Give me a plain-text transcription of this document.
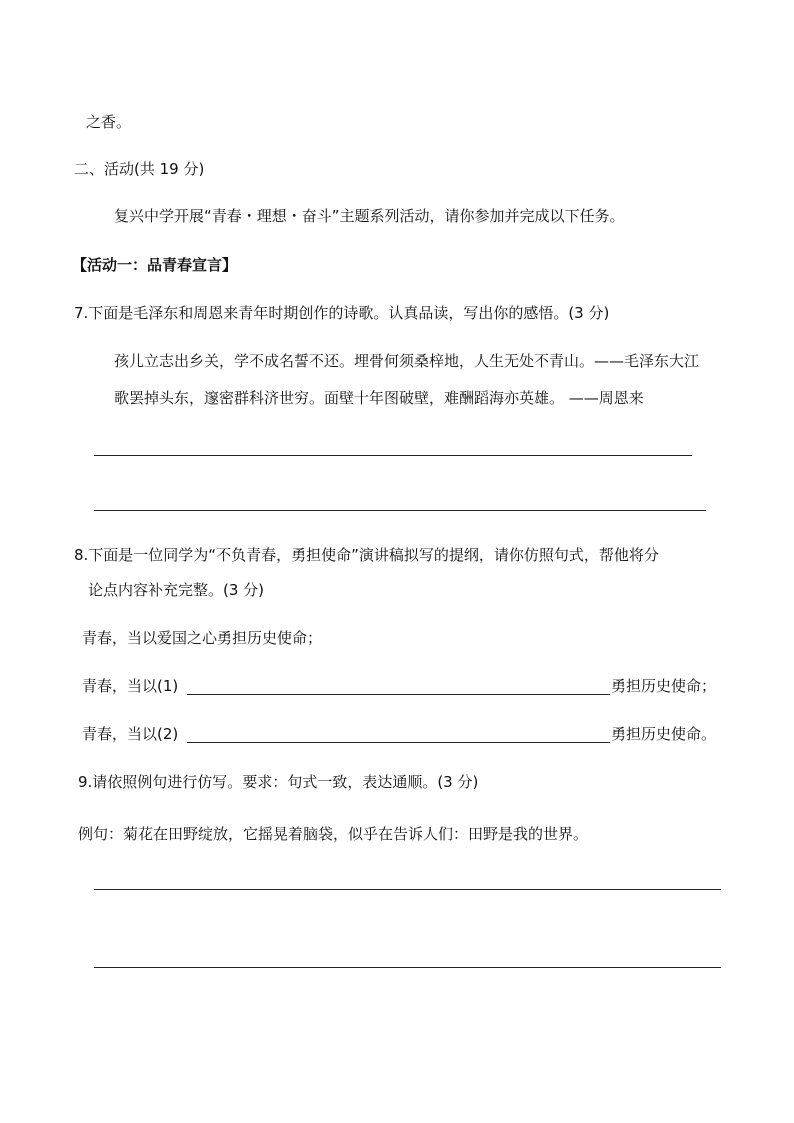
之香。
二、活动(共 19 分)
复兴中学开展“青春・理想・奋斗”主题系列活动，请你参加并完成以下任务。
【活动一：品青春宣言】
7.下面是毛泽东和周恩来青年时期创作的诗歌。认真品读，写出你的感悟。(3 分)
孩儿立志出乡关，学不成名誓不还。埋骨何须桑梓地，人生无处不青山。——毛泽东大江
歌罢掉头东，邃密群科济世穷。面壁十年图破壁，难酬蹈海亦英雄。 ——周恩来
8.下面是一位同学为“不负青春，勇担使命”演讲稿拟写的提纲，请你仿照句式，帮他将分
论点内容补充完整。(3 分)
青春，当以爱国之心勇担历史使命；
青春，当以(1)	勇担历史使命；
青春，当以(2)	勇担历史使命。
9.请依照例句进行仿写。要求：句式一致，表达通顺。(3 分)
例句：菊花在田野绽放，它摇晃着脑袋，似乎在告诉人们：田野是我的世界。
